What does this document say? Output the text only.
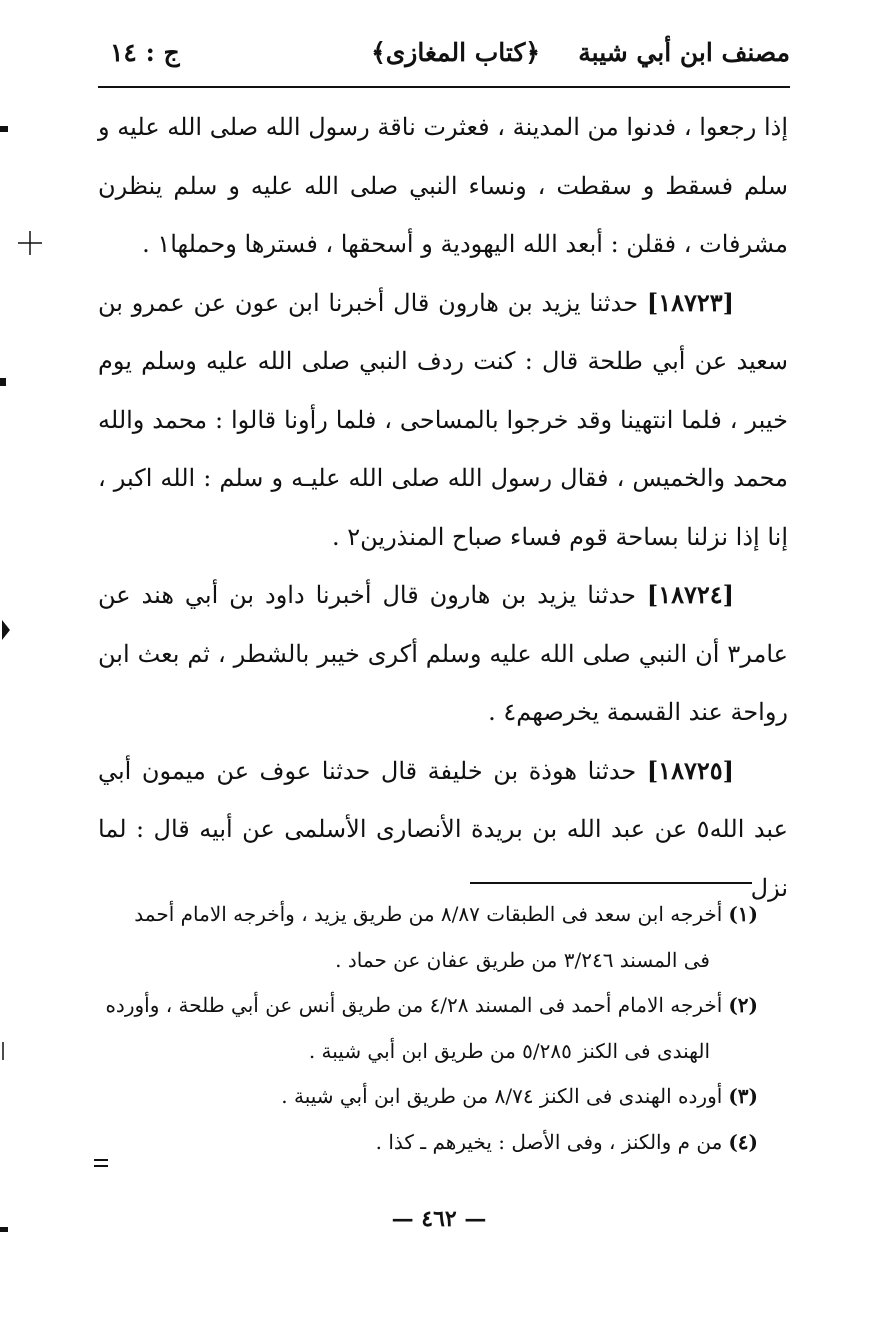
مصنف ابن أبي شيبة
﴿كتاب المغازى﴾
ج : ١٤

إذا رجعوا ، فدنوا من المدينة ، فعثرت ناقة رسول الله صلى الله عليه و سلم فسقط و سقطت ، ونساء النبي صلى الله عليه و سلم ينظرن مشرفات ، فقلن : أبعد الله اليهودية و أسحقها ، فسترها وحملها١ .

[١٨٧٢٣] حدثنا يزيد بن هارون قال أخبرنا ابن عون عن عمرو بن سعيد عن أبي طلحة قال : كنت ردف النبي صلى الله عليه وسلم يوم خيبر ، فلما انتهينا وقد خرجوا بالمساحى ، فلما رأونا قالوا : محمد والله محمد والخميس ، فقال رسول الله صلى الله عليـه و سلم : الله اكبر ، إنا إذا نزلنا بساحة قوم فساء صباح المنذرين٢ .

[١٨٧٢٤] حدثنا يزيد بن هارون قال أخبرنا داود بن أبي هند عن عامر٣ أن النبي صلى الله عليه وسلم أكرى خيبر بالشطر ، ثم بعث ابن رواحة عند القسمة يخرصهم٤ .

[١٨٧٢٥] حدثنا هوذة بن خليفة قال حدثنا عوف عن ميمون أبي عبد الله٥ عن عبد الله بن بريدة الأنصارى الأسلمى عن أبيه قال : لما نزل

(١)أخرجه ابن سعد فى الطبقات ٨/٨٧ من طريق يزيد ، وأخرجه الامام أحمد
فى المسند ٣/٢٤٦ من طريق عفان عن حماد .

(٢)أخرجه الامام أحمد فى المسند ٤/٢٨ من طريق أنس عن أبي طلحة ، وأورده
الهندى فى الكنز ٥/٢٨٥ من طريق ابن أبي شيبة .

(٣)أورده الهندى فى الكنز ٨/٧٤ من طريق ابن أبي شيبة .

(٤)من م والكنز ، وفى الأصل : يخيرهم ـ كذا .

— ٤٦٢ —
